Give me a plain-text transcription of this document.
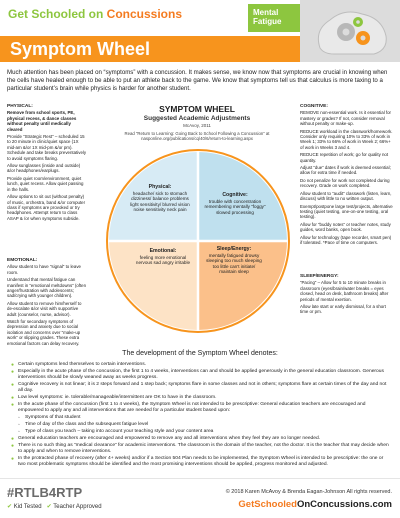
Get Schooled on Concussions	Mental Fatigue
Symptom Wheel

Much attention has been placed on “symptoms” with a concussion. It makes sense, we know now that symptoms are crucial in knowing when the cells have healed enough to be able to put an athlete back to the game. We know that symptoms tell us that calculus is more taxing to a particular student’s brain while physics is harder for another student.

PHYSICAL:

Remove from school sports, PE, physical recess, & dance classes without penalty until medically cleared

Provide “Strategic Rest” – scheduled 15 to 20 minute in clinic/quiet space (1X mid-am &/or 1X mid-pm &/or pm). Schedule and take breaks preventatively to avoid symptoms flaring.

Allow sunglasses (inside and outside) &/or headphones/earplugs.

Provide quiet room/environment, quiet lunch, quiet recess. Allow quiet passing in the halls.

Allow options to sit out (without penalty) of music, orchestra, band &/or computer class if symptoms are provoked or try headphones. Attempt return to class ASAP & /or when symptoms subside.

EMOTIONAL:

Allow student to have “signal” to leave room.

Understand that mental fatigue can manifest in “emotional meltdowns” (often anger/frustration with adolescents; sad/crying with younger children).

Allow student to remove him/herself to de-escalate &/or visit with supportive adult (counselor, nurse, advisor).

Watch for secondary symptoms of depression and anxiety due to social isolation and concerns over “make-up work” or slipping grades. These extra emotional factors can delay recovery.

COGNITIVE:

REMOVE non-essential work. Is it essential for mastery or grades? If not, consider removal without penalty or make-up.

REDUCE workload in the classwork/homework. Consider only requiring 10% to 33% of work in Week 1; 33% to 66% of work in Week 2; 66%+ of work in Weeks 3 and 4.

REDUCE repetition of work; go for quality not quantity.

Adjust “due” dates if work is deemed essential; allow for extra time if needed.

Do not penalize for work not completed during recovery. Grade on work completed.

Allow student to “audit” classwork (listen, learn, discuss) with little to no written output.

Exempt/postpone large test/projects, alternative testing (quiet testing, one-on-one testing, oral testing).

Allow for “buddy notes” or teacher notes, study guides, word banks, open book.

Allow for technology (tape recorder, smart pen) if tolerated. *Pace of time on computers.

SLEEP/ENERGY:

“Pacing” – Allow for 5 to 10 minute breaks in classroom (eyes/brain/water breaks = eyes closed, head on desk, bathroom breaks) after periods of mental exertion.

Allow late start or early dismissal, for a short time or pm.

SYMPTOM WHEEL
Suggested Academic Adjustments
McAvoy, 2011
Read “Return to Learning: Going Back to School Following a Concussion” at nasponline.org/publications/cq/40/6/return-to-learning.aspx
Physical:
headache/ sick to stomach dizziness/ balance problems light sensitivity/ blurred vision noise sensitivity neck pain
Cognitive:
trouble with concentration remembering mentally “foggy” slowed processing
Emotional:
feeling more emotional nervous sad angry irritable
Sleep/Energy:
mentally fatigued drowsy sleeping too much sleeping too little can’t initiate/ maintain sleep
The development of the Symptom Wheel denotes:
● Certain symptoms lend themselves to certain interventions.
● Especially in the acute phase of the concussion, the first 1 to 4 weeks, interventions can and should be applied generously in the general education classroom. Generous interventions should be slowly weaned away as weeks progress.
● Cognitive recovery is not linear; it is 2 steps forward and 1 step back; symptoms flare in some classes and not in others; symptoms flare at certain times of the day and not all day.
● Low level symptoms: ie. tolerable/manageable/intermittent are OK to have in the classroom.
● In the acute phase of the concussion (first 1 to 4 weeks), the Symptom Wheel is not intended to be prescriptive: General education teachers are encouraged and empowered to apply any and all interventions that are needed for a particular student based upon:
◦ Symptoms of that student
◦ Time of day of the class and the subsequent fatigue level
◦ Type of class you teach – taking into account your teaching style and your content area
● General education teachers are encouraged and empowered to remove any and all interventions when they feel they are no longer needed.
● There is no such thing as “medical clearance” for academic interventions. The classroom is the domain of the teacher, not the doctor. It is the teacher that may decide when to apply and when to remove interventions.
● In the protracted phase of recovery (after 4+ weeks) and/or if a Section 504 Plan needs to be implemented, the Symptom Wheel is intended to be prescriptive: the one or two most problematic symptoms should be identified and the most promising interventions should be applied, progress monitored and adjusted.
#RTLB4RTP
✔ Kid Tested ✔ Teacher Approved
© 2018 Karen McAvoy & Brenda Eagan-Johnson All rights reserved.
GetSchooledOnConcussions.com
